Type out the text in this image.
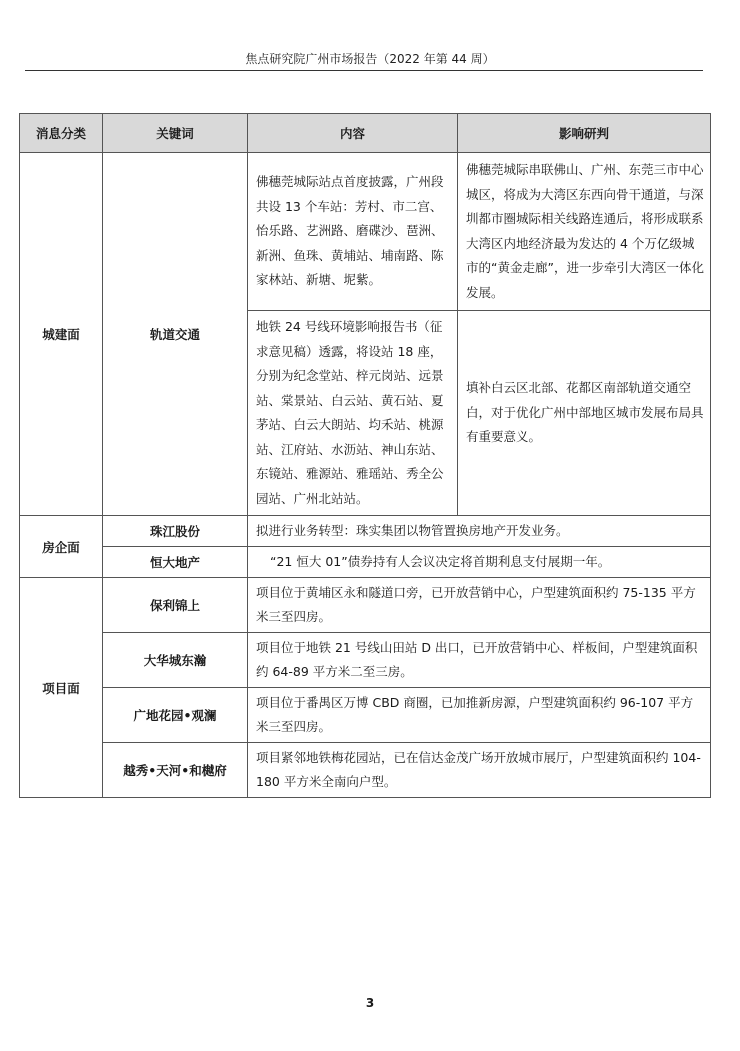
焦点研究院广州市场报告（2022 年第 44 周）
消息分类	关键词	内容	影响研判
城建面	轨道交通	佛穗莞城际站点首度披露，广州段共设 13 个车站：芳村、市二宫、怡乐路、艺洲路、磨碟沙、琶洲、新洲、鱼珠、黄埔站、埔南路、陈家林站、新塘、坭紫。	佛穗莞城际串联佛山、广州、东莞三市中心城区，将成为大湾区东西向骨干通道，与深圳都市圈城际相关线路连通后，将形成联系大湾区内地经济最为发达的 4 个万亿级城市的“黄金走廊”，进一步牵引大湾区一体化发展。
		地铁 24 号线环境影响报告书（征求意见稿）透露，将设站 18 座，分别为纪念堂站、梓元岗站、远景站、棠景站、白云站、黄石站、夏茅站、白云大朗站、均禾站、桃源站、江府站、水沥站、神山东站、东镜站、雅源站、雅瑶站、秀全公园站、广州北站站。	填补白云区北部、花都区南部轨道交通空白，对于优化广州中部地区城市发展布局具有重要意义。
房企面	珠江股份	拟进行业务转型：珠实集团以物管置换房地产开发业务。	
	恒大地产	“21 恒大 01”债券持有人会议决定将首期利息支付展期一年。	
项目面	保利锦上	项目位于黄埔区永和隧道口旁，已开放营销中心，户型建筑面积约 75-135 平方米三至四房。	
	大华城东瀚	项目位于地铁 21 号线山田站 D 出口，已开放营销中心、样板间，户型建筑面积约 64-89 平方米二至三房。	
	广地花园•观澜	项目位于番禺区万博 CBD 商圈，已加推新房源，户型建筑面积约 96-107 平方米三至四房。	
	越秀•天河•和樾府	项目紧邻地铁梅花园站，已在信达金茂广场开放城市展厅，户型建筑面积约 104-180 平方米全南向户型。	
3
